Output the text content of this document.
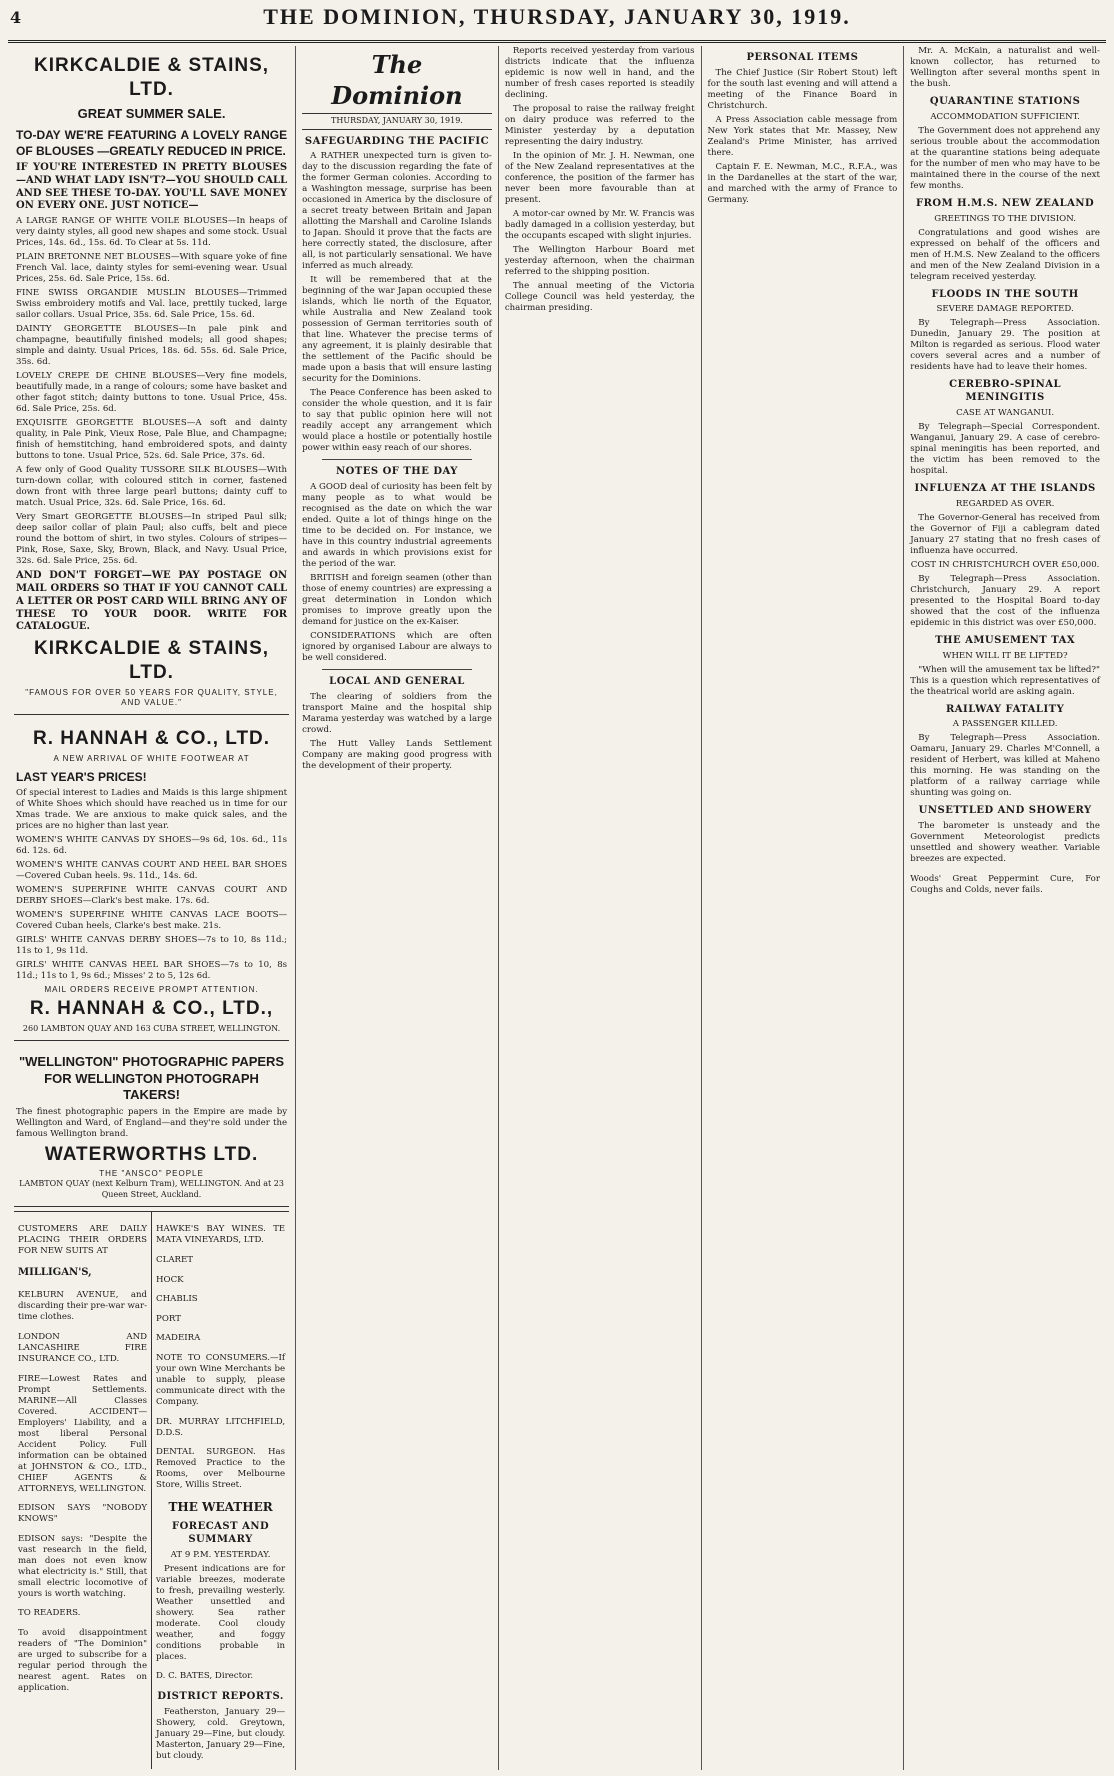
4	THE DOMINION, THURSDAY, JANUARY 30, 1919.
KIRKCALDIE & STAINS, LTD.
GREAT SUMMER SALE.
TO-DAY WE'RE FEATURING A LOVELY RANGE OF BLOUSES —GREATLY REDUCED IN PRICE.

IF YOU'RE INTERESTED IN PRETTY BLOUSES—AND WHAT LADY ISN'T?—YOU SHOULD CALL AND SEE THESE TO-DAY. YOU'LL SAVE MONEY ON EVERY ONE. JUST NOTICE—

A LARGE RANGE OF WHITE VOILE BLOUSES—In heaps of very dainty styles, all good new shapes and some stock. Usual Prices, 14s. 6d., 15s. 6d. To Clear at 5s. 11d.

PLAIN BRETONNE NET BLOUSES—With square yoke of fine French Val. lace, dainty styles for semi-evening wear. Usual Prices, 25s. 6d. Sale Price, 15s. 6d.

FINE SWISS ORGANDIE MUSLIN BLOUSES—Trimmed Swiss embroidery motifs and Val. lace, prettily tucked, large sailor collars. Usual Price, 35s. 6d. Sale Price, 15s. 6d.

DAINTY GEORGETTE BLOUSES—In pale pink and champagne, beautifully finished models; all good shapes; simple and dainty. Usual Prices, 18s. 6d. 55s. 6d. Sale Price, 35s. 6d.

LOVELY CREPE DE CHINE BLOUSES—Very fine models, beautifully made, in a range of colours; some have basket and other fagot stitch; dainty buttons to tone. Usual Price, 45s. 6d. Sale Price, 25s. 6d.

EXQUISITE GEORGETTE BLOUSES—A soft and dainty quality, in Pale Pink, Vieux Rose, Pale Blue, and Champagne; finish of hemstitching, hand embroidered spots, and dainty buttons to tone. Usual Price, 52s. 6d. Sale Price, 37s. 6d.

A few only of Good Quality TUSSORE SILK BLOUSES—With turn-down collar, with coloured stitch in corner, fastened down front with three large pearl buttons; dainty cuff to match. Usual Price, 32s. 6d. Sale Price, 16s. 6d.

Very Smart GEORGETTE BLOUSES—In striped Paul silk; deep sailor collar of plain Paul; also cuffs, belt and piece round the bottom of shirt, in two styles. Colours of stripes—Pink, Rose, Saxe, Sky, Brown, Black, and Navy. Usual Price, 32s. 6d. Sale Price, 25s. 6d.

AND DON'T FORGET—WE PAY POSTAGE ON MAIL ORDERS SO THAT IF YOU CANNOT CALL A LETTER OR POST CARD WILL BRING ANY OF THESE TO YOUR DOOR. WRITE FOR CATALOGUE.

KIRKCALDIE & STAINS, LTD.
"FAMOUS FOR OVER 50 YEARS FOR QUALITY, STYLE, AND VALUE."
R. HANNAH & CO., LTD.
A NEW ARRIVAL OF WHITE FOOTWEAR AT
LAST YEAR'S PRICES!

Of special interest to Ladies and Maids is this large shipment of White Shoes which should have reached us in time for our Xmas trade. We are anxious to make quick sales, and the prices are no higher than last year.

WOMEN'S WHITE CANVAS DY SHOES—9s 6d, 10s. 6d., 11s 6d. 12s. 6d.

WOMEN'S WHITE CANVAS COURT AND HEEL BAR SHOES—Covered Cuban heels. 9s. 11d., 14s. 6d.

WOMEN'S SUPERFINE WHITE CANVAS COURT AND DERBY SHOES—Clark's best make. 17s. 6d.

WOMEN'S SUPERFINE WHITE CANVAS LACE BOOTS—Covered Cuban heels, Clarke's best make. 21s.

GIRLS' WHITE CANVAS DERBY SHOES—7s to 10, 8s 11d.; 11s to 1, 9s 11d.

GIRLS' WHITE CANVAS HEEL BAR SHOES—7s to 10, 8s 11d.; 11s to 1, 9s 6d.; Misses' 2 to 5, 12s 6d.

MAIL ORDERS RECEIVE PROMPT ATTENTION.
R. HANNAH & CO., LTD.,
260 LAMBTON QUAY AND 163 CUBA STREET, WELLINGTON.
"WELLINGTON" PHOTOGRAPHIC PAPERS FOR WELLINGTON PHOTOGRAPH TAKERS!

The finest photographic papers in the Empire are made by Wellington and Ward, of England—and they're sold under the famous Wellington brand.

WATERWORTHS LTD.
THE "ANSCO" PEOPLE
LAMBTON QUAY (next Kelburn Tram), WELLINGTON. And at 23 Queen Street, Auckland.

CUSTOMERS ARE DAILY PLACING THEIR ORDERS FOR NEW SUITS AT

MILLIGAN'S,

KELBURN AVENUE, and discarding their pre-war war-time clothes.

LONDON AND LANCASHIRE FIRE INSURANCE CO., LTD.

FIRE—Lowest Rates and Prompt Settlements. MARINE—All Classes Covered. ACCIDENT—Employers' Liability, and a most liberal Personal Accident Policy. Full information can be obtained at JOHNSTON & CO., LTD., CHIEF AGENTS & ATTORNEYS, WELLINGTON.

EDISON SAYS "NOBODY KNOWS"

EDISON says: "Despite the vast research in the field, man does not even know what electricity is." Still, that small electric locomotive of yours is worth watching.

TO READERS.

To avoid disappointment readers of "The Dominion" are urged to subscribe for a regular period through the nearest agent. Rates on application.

HAWKE'S BAY WINES. TE MATA VINEYARDS, LTD.

CLARET

HOCK

CHABLIS

PORT

MADEIRA

NOTE TO CONSUMERS.—If your own Wine Merchants be unable to supply, please communicate direct with the Company.

DR. MURRAY LITCHFIELD, D.D.S.

DENTAL SURGEON. Has Removed Practice to the Rooms, over Melbourne Store, Willis Street.

THE WEATHER
FORECAST AND SUMMARY
AT 9 P.M. YESTERDAY.

Present indications are for variable breezes, moderate to fresh, prevailing westerly. Weather unsettled and showery. Sea rather moderate. Cool cloudy weather, and foggy conditions probable in places.

D. C. BATES, Director.

DISTRICT REPORTS.

Featherston, January 29—Showery, cold. Greytown, January 29—Fine, but cloudy. Masterton, January 29—Fine, but cloudy.

The Dominion
THURSDAY, JANUARY 30, 1919.
SAFEGUARDING THE PACIFIC

A RATHER unexpected turn is given to-day to the discussion regarding the fate of the former German colonies. According to a Washington message, surprise has been occasioned in America by the disclosure of a secret treaty between Britain and Japan allotting the Marshall and Caroline Islands to Japan. Should it prove that the facts are here correctly stated, the disclosure, after all, is not particularly sensational. We have inferred as much already.

It will be remembered that at the beginning of the war Japan occupied these islands, which lie north of the Equator, while Australia and New Zealand took possession of German territories south of that line. Whatever the precise terms of any agreement, it is plainly desirable that the settlement of the Pacific should be made upon a basis that will ensure lasting security for the Dominions.

The Peace Conference has been asked to consider the whole question, and it is fair to say that public opinion here will not readily accept any arrangement which would place a hostile or potentially hostile power within easy reach of our shores.

NOTES OF THE DAY

A GOOD deal of curiosity has been felt by many people as to what would be recognised as the date on which the war ended. Quite a lot of things hinge on the time to be decided on. For instance, we have in this country industrial agreements and awards in which provisions exist for the period of the war.

BRITISH and foreign seamen (other than those of enemy countries) are expressing a great determination in London which promises to improve greatly upon the demand for justice on the ex-Kaiser.

CONSIDERATIONS which are often ignored by organised Labour are always to be well considered.

LOCAL AND GENERAL

The clearing of soldiers from the transport Maine and the hospital ship Marama yesterday was watched by a large crowd.

The Hutt Valley Lands Settlement Company are making good progress with the development of their property.

Reports received yesterday from various districts indicate that the influenza epidemic is now well in hand, and the number of fresh cases reported is steadily declining.

The proposal to raise the railway freight on dairy produce was referred to the Minister yesterday by a deputation representing the dairy industry.

In the opinion of Mr. J. H. Newman, one of the New Zealand representatives at the conference, the position of the farmer has never been more favourable than at present.

A motor-car owned by Mr. W. Francis was badly damaged in a collision yesterday, but the occupants escaped with slight injuries.

The Wellington Harbour Board met yesterday afternoon, when the chairman referred to the shipping position.

The annual meeting of the Victoria College Council was held yesterday, the chairman presiding.

PERSONAL ITEMS

The Chief Justice (Sir Robert Stout) left for the south last evening and will attend a meeting of the Finance Board in Christchurch.

A Press Association cable message from New York states that Mr. Massey, New Zealand's Prime Minister, has arrived there.

Captain F. E. Newman, M.C., R.F.A., was in the Dardanelles at the start of the war, and marched with the army of France to Germany.

Mr. A. McKain, a naturalist and well-known collector, has returned to Wellington after several months spent in the bush.

QUARANTINE STATIONS
ACCOMMODATION SUFFICIENT.

The Government does not apprehend any serious trouble about the accommodation at the quarantine stations being adequate for the number of men who may have to be maintained there in the course of the next few months.

FROM H.M.S. NEW ZEALAND
GREETINGS TO THE DIVISION.

Congratulations and good wishes are expressed on behalf of the officers and men of H.M.S. New Zealand to the officers and men of the New Zealand Division in a telegram received yesterday.

FLOODS IN THE SOUTH
SEVERE DAMAGE REPORTED.

By Telegraph—Press Association. Dunedin, January 29. The position at Milton is regarded as serious. Flood water covers several acres and a number of residents have had to leave their homes.

CEREBRO-SPINAL MENINGITIS
CASE AT WANGANUI.

By Telegraph—Special Correspondent. Wanganui, January 29. A case of cerebro-spinal meningitis has been reported, and the victim has been removed to the hospital.

INFLUENZA AT THE ISLANDS
REGARDED AS OVER.

The Governor-General has received from the Governor of Fiji a cablegram dated January 27 stating that no fresh cases of influenza have occurred.

COST IN CHRISTCHURCH OVER £50,000.

By Telegraph—Press Association. Christchurch, January 29. A report presented to the Hospital Board to-day showed that the cost of the influenza epidemic in this district was over £50,000.

THE AMUSEMENT TAX
WHEN WILL IT BE LIFTED?

"When will the amusement tax be lifted?" This is a question which representatives of the theatrical world are asking again.

RAILWAY FATALITY
A PASSENGER KILLED.

By Telegraph—Press Association. Oamaru, January 29. Charles M'Connell, a resident of Herbert, was killed at Maheno this morning. He was standing on the platform of a railway carriage while shunting was going on.

UNSETTLED AND SHOWERY

The barometer is unsteady and the Government Meteorologist predicts unsettled and showery weather. Variable breezes are expected.

Woods' Great Peppermint Cure, For Coughs and Colds, never fails.
